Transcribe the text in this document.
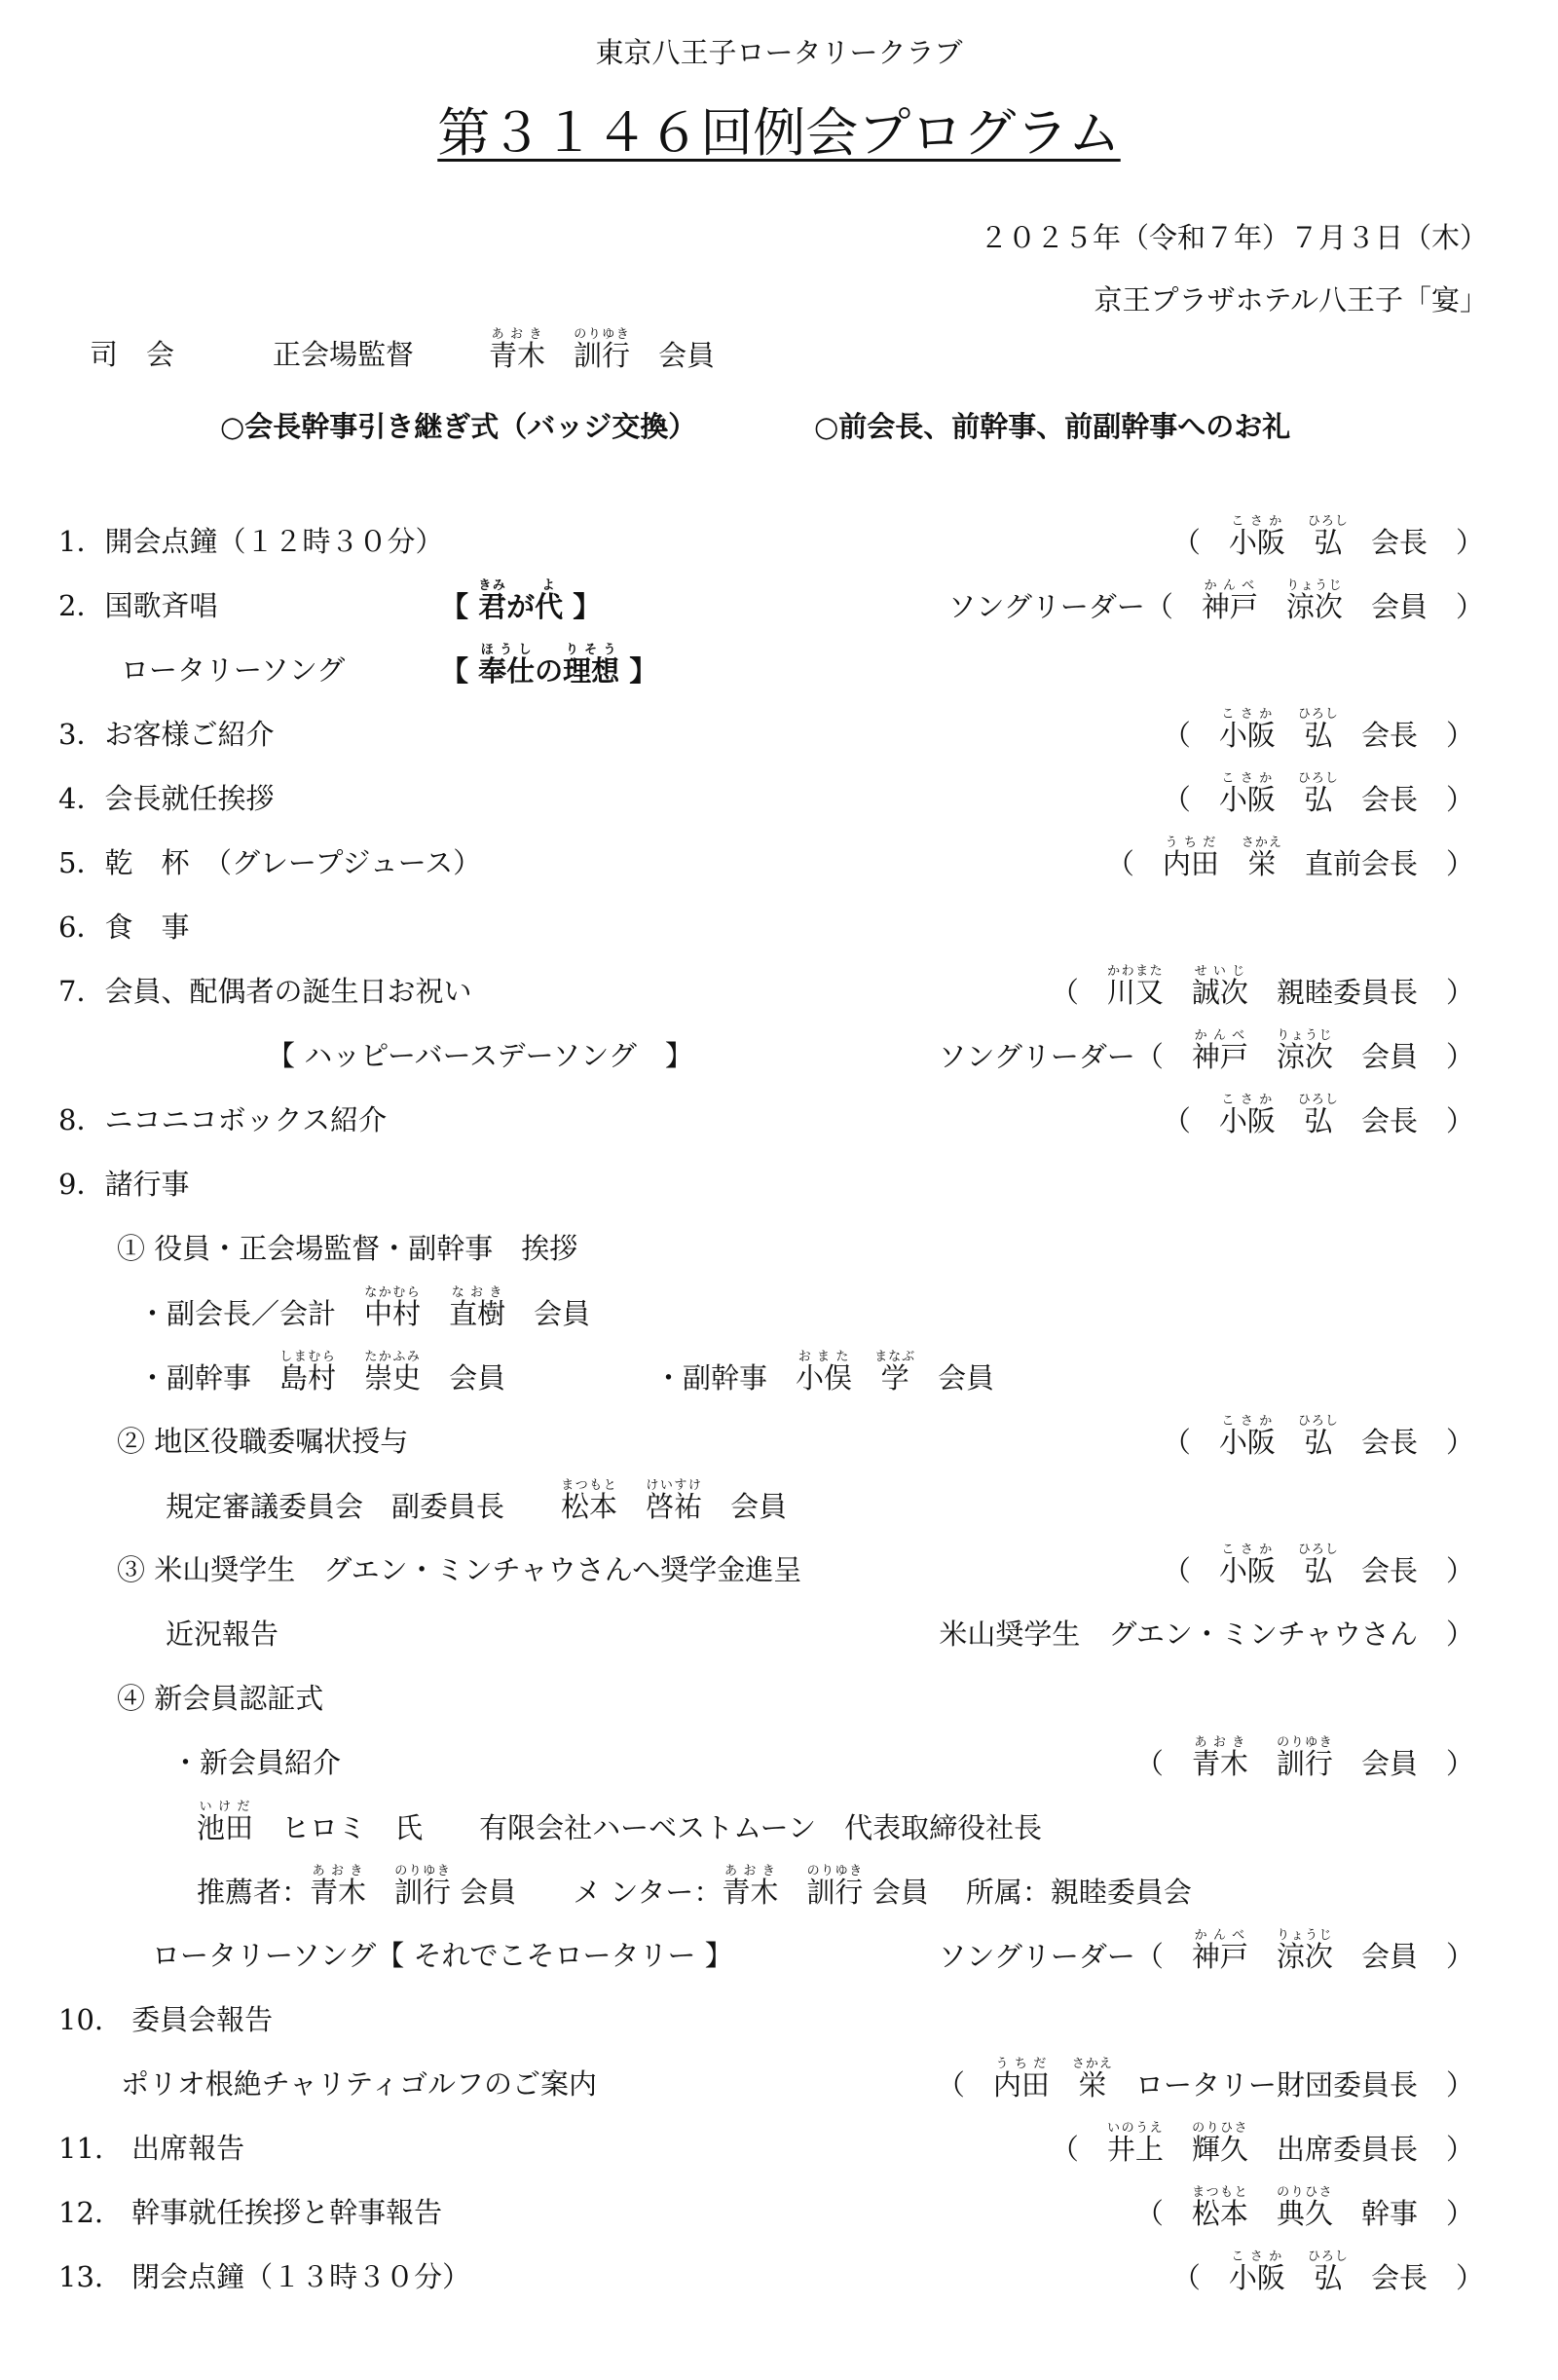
東京八王子ロータリークラブ
第３１４６回例会プログラム
２０２５年（令和７年）７月３日（木）
京王プラザホテル八王子「宴」
司　会	正会場監督	青木あおき　訓行のりゆき　会員
○会長幹事引き継ぎ式（バッジ交換）	○前会長、前幹事、前副幹事へのお礼
1．開会点鐘（１２時３０分）	（　 小阪こさか　弘ひろし　会長　 ）
2．国歌斉唱	【 君きみが代よ 】	ソングリーダー（　 神戸かんべ　涼次りょうじ　会員　 ）
ロータリーソング	【 奉仕ほうしの理想りそう 】
3．お客様ご紹介	（　 小阪こさか　弘ひろし　会長　 ）
4．会長就任挨拶	（　 小阪こさか　弘ひろし　会長　 ）
5．乾　杯　（グレープジュース）	（　 内田うちだ　栄さかえ　直前会長　 ）
6．食　事
7．会員、配偶者の誕生日お祝い	（　 川又かわまた　誠次せいじ　親睦委員長　 ）
【 ハッピーバースデーソング　】	ソングリーダー（　 神戸かんべ　涼次りょうじ　会員　 ）
8．ニコニコボックス紹介	（　 小阪こさか　弘ひろし　会長　 ）
9．諸行事
① 役員・正会場監督・副幹事　挨拶
・副会長／会計　 中村なかむら　直樹なおき　会員
・副幹事　 島村しまむら　崇史たかふみ　会員	・副幹事　 小俣おまた　学まなぶ　会員
② 地区役職委嘱状授与	（　 小阪こさか　弘ひろし　会長　 ）
規定審議委員会　副委員長　　 松本まつもと　啓祐けいすけ　会員
③ 米山奨学生　グエン・ミンチャウさんへ奨学金進呈	（　 小阪こさか　弘ひろし　会長　 ）
近況報告	米山奨学生　グエン・ミンチャウさん　 ）
④ 新会員認証式
・新会員紹介	（　 青木あおき　訓行のりゆき　会員　 ）
池田いけだ　ヒロミ　 氏　　 有限会社ハーベストムーン　代表取締役社長
推薦者：青木あおき　訓行のりゆき 会員　　 メ ンター：青木あおき　訓行のりゆき 会員　 所属：親睦委員会
ロータリーソング【 それでこそロータリー 】	ソングリーダー（　 神戸かんべ　涼次りょうじ　会員　 ）
10.　委員会報告
ポリオ根絶チャリティゴルフのご案内	（　 内田うちだ　栄さかえ　ロータリー財団委員長　 ）
11.　出席報告	（　 井上いのうえ　輝久のりひさ　出席委員長　 ）
12.　幹事就任挨拶と幹事報告	（　 松本まつもと　典久のりひさ　幹事　 ）
13.　閉会点鐘（１３時３０分）	（　 小阪こさか　弘ひろし　会長　 ）
